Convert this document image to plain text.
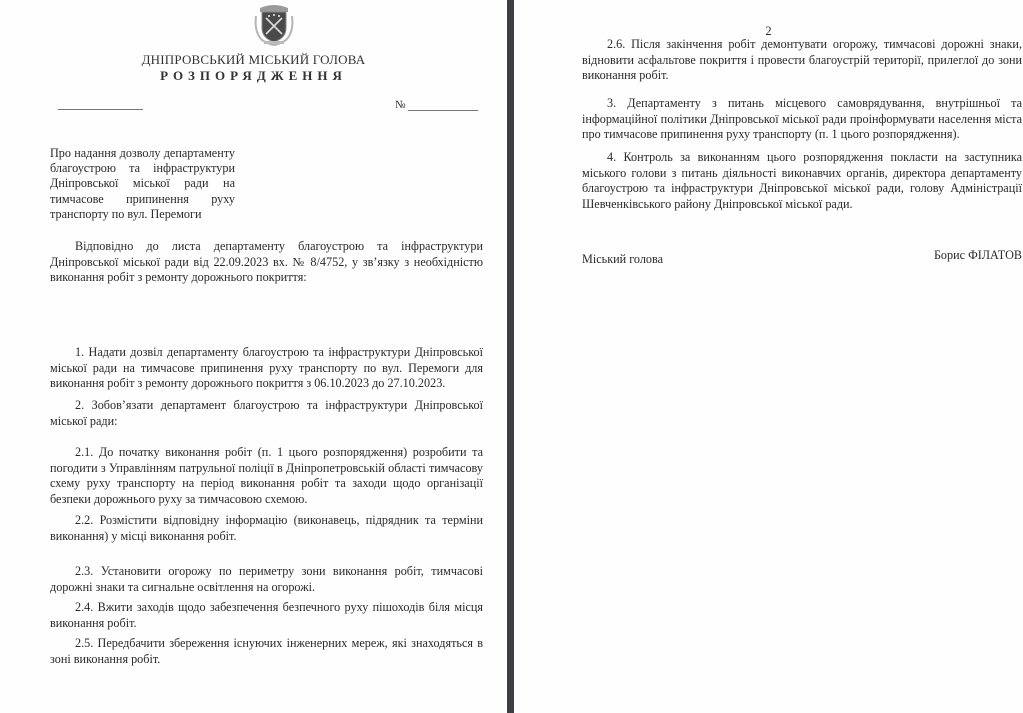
ДНІПРОВСЬКИЙ МІСЬКИЙ ГОЛОВА
РОЗПОРЯДЖЕННЯ
№
Про надання дозволу департаменту благоустрою та інфраструктури Дніпровської міської ради на тимчасове припинення руху транспорту по вул. Перемоги
Відповідно до листа департаменту благоустрою та інфраструктури Дніпровської міської ради від 22.09.2023 вх. № 8/4752, у зв’язку з необхідністю виконання робіт з ремонту дорожнього покриття:
1. Надати дозвіл департаменту благоустрою та інфраструктури Дніпровської міської ради на тимчасове припинення руху транспорту по вул. Перемоги для виконання робіт з ремонту дорожнього покриття з 06.10.2023 до 27.10.2023.
2. Зобов’язати департамент благоустрою та інфраструктури Дніпровської міської ради:
2.1. До початку виконання робіт (п. 1 цього розпорядження) розробити та погодити з Управлінням патрульної поліції в Дніпропетровській області тимчасову схему руху транспорту на період виконання робіт та заходи щодо організації безпеки дорожнього руху за тимчасовою схемою.
2.2. Розмістити відповідну інформацію (виконавець, підрядник та терміни виконання) у місці виконання робіт.
2.3. Установити огорожу по периметру зони виконання робіт, тимчасові дорожні знаки та сигнальне освітлення на огорожі.
2.4. Вжити заходів щодо забезпечення безпечного руху пішоходів біля місця виконання робіт.
2.5. Передбачити збереження існуючих інженерних мереж, які знаходяться в зоні виконання робіт.
2
2.6. Після закінчення робіт демонтувати огорожу, тимчасові дорожні знаки, відновити асфальтове покриття і провести благоустрій території, прилеглої до зони виконання робіт.
3. Департаменту з питань місцевого самоврядування, внутрішньої та інформаційної політики Дніпровської міської ради проінформувати населення міста про тимчасове припинення руху транспорту (п. 1 цього розпорядження).
4. Контроль за виконанням цього розпорядження покласти на заступника міського голови з питань діяльності виконавчих органів, директора департаменту благоустрою та інфраструктури Дніпровської міської ради, голову Адміністрації Шевченківського району Дніпровської міської ради.
Міський голова	Борис ФІЛАТОВ
